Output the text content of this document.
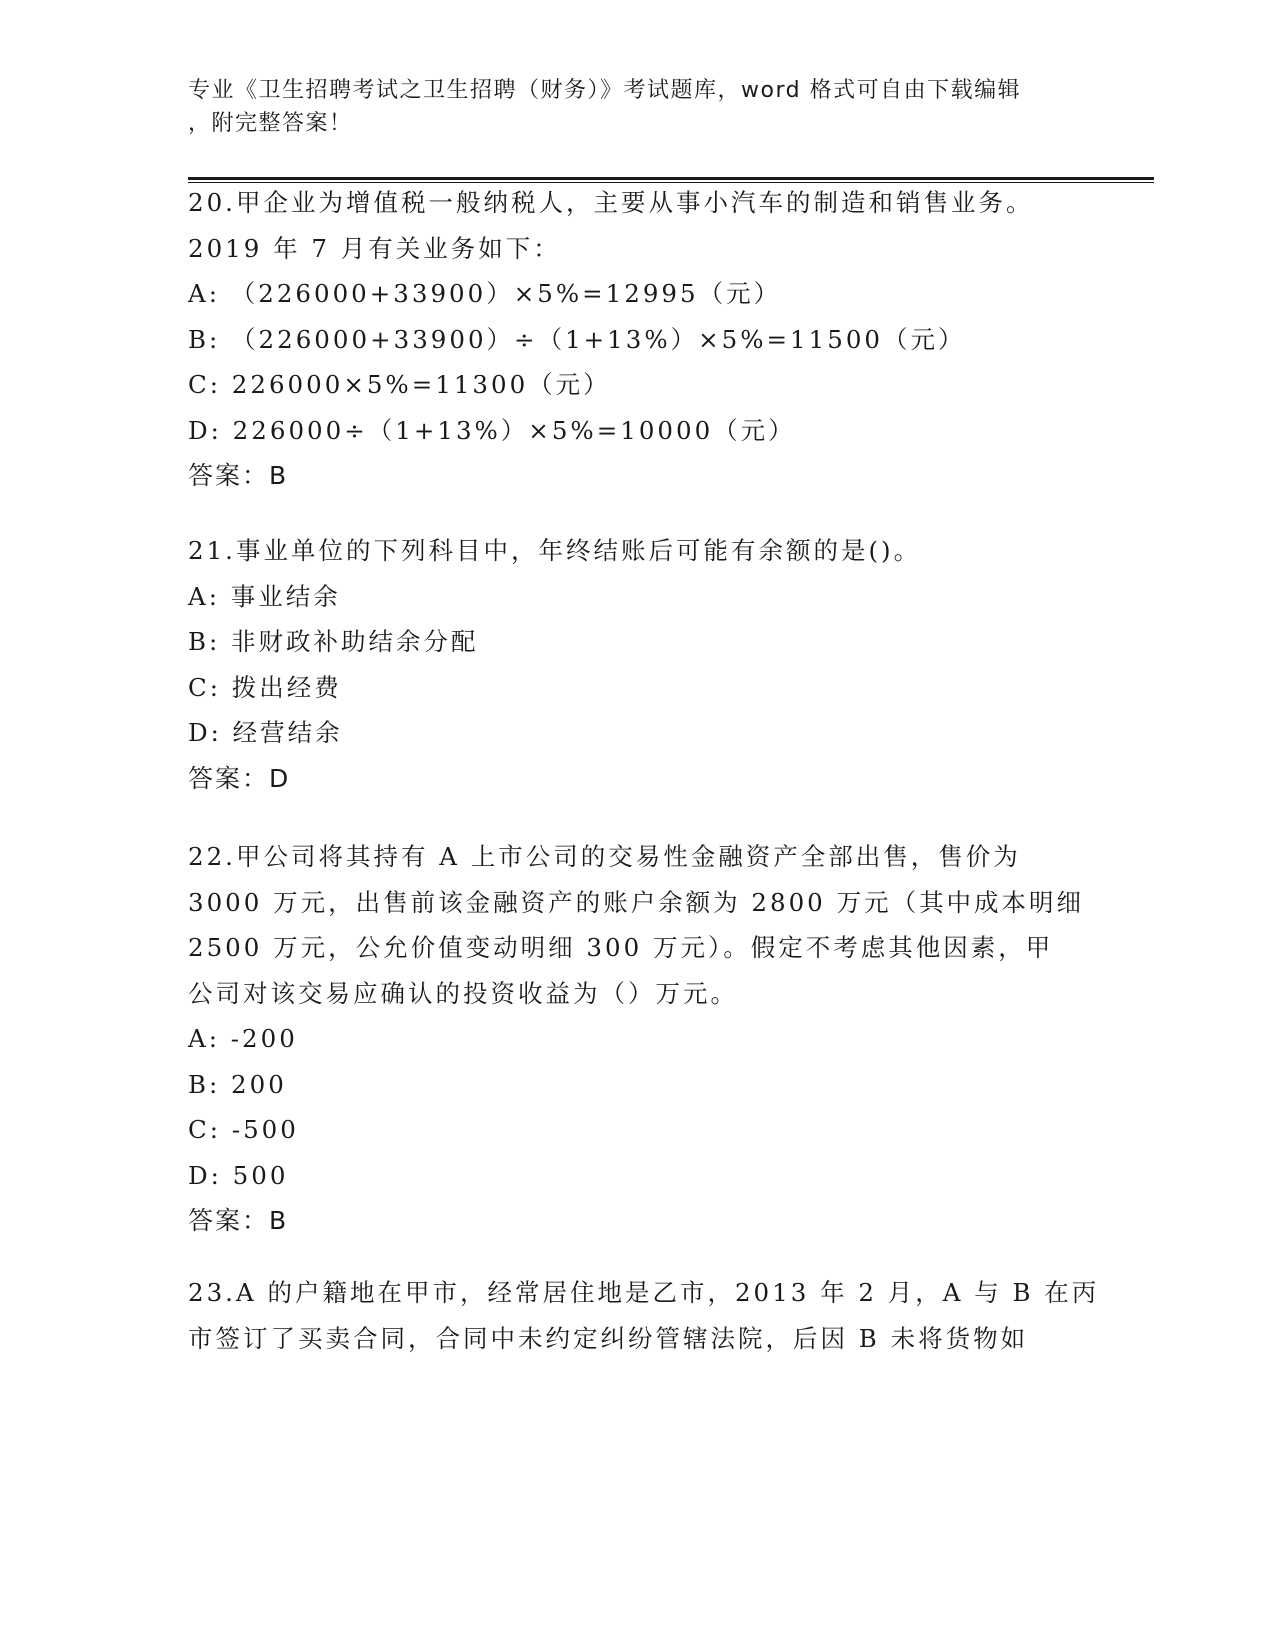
专业《卫生招聘考试之卫生招聘（财务）》考试题库，word 格式可自由下载编辑
，附完整答案！
20.甲企业为增值税一般纳税人，主要从事小汽车的制造和销售业务。
2019 年 7 月有关业务如下：
A: （226000+33900）×5%=12995（元）
B: （226000+33900）÷（1+13%）×5%=11500（元）
C: 226000×5%=11300（元）
D: 226000÷（1+13%）×5%=10000（元）
答案：B
21.事业单位的下列科目中，年终结账后可能有余额的是()。
A: 事业结余
B: 非财政补助结余分配
C: 拨出经费
D: 经营结余
答案：D
22.甲公司将其持有 A 上市公司的交易性金融资产全部出售，售价为
3000 万元，出售前该金融资产的账户余额为 2800 万元（其中成本明细
2500 万元，公允价值变动明细 300 万元）。假定不考虑其他因素，甲
公司对该交易应确认的投资收益为（）万元。
A: -200
B: 200
C: -500
D: 500
答案：B
23.A 的户籍地在甲市，经常居住地是乙市，2013 年 2 月，A 与 B 在丙
市签订了买卖合同，合同中未约定纠纷管辖法院，后因 B 未将货物如
